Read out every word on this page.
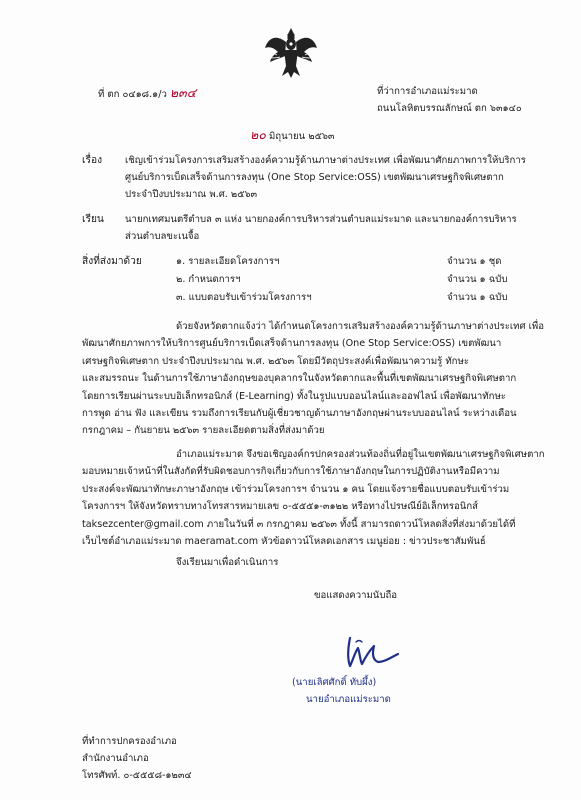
ที่ ตก ๐๔๑๘.๑/ว ๒๓๔	ที่ว่าการอำเภอแม่ระมาด
ถนนโลหิตบรรณลักษณ์ ตก ๖๓๑๔๐
๒๐ มิถุนายน ๒๕๖๓
เรื่อง เชิญเข้าร่วมโครงการเสริมสร้างองค์ความรู้ด้านภาษาต่างประเทศ เพื่อพัฒนาศักยภาพการให้บริการ
ศูนย์บริการเบ็ดเสร็จด้านการลงทุน (One Stop Service:OSS) เขตพัฒนาเศรษฐกิจพิเศษตาก
ประจำปีงบประมาณ พ.ศ. ๒๕๖๓
เรียน นายกเทศมนตรีตำบล ๓ แห่ง นายกองค์การบริหารส่วนตำบลแม่ระมาด และนายกองค์การบริหาร
ส่วนตำบลขะเนจื้อ
สิ่งที่ส่งมาด้วย	๑. รายละเอียดโครงการฯ	จำนวน ๑ ชุด
๒. กำหนดการฯ	จำนวน ๑ ฉบับ
๓. แบบตอบรับเข้าร่วมโครงการฯ	จำนวน ๑ ฉบับ
ด้วยจังหวัดตากแจ้งว่า ได้กำหนดโครงการเสริมสร้างองค์ความรู้ด้านภาษาต่างประเทศ เพื่อ
พัฒนาศักยภาพการให้บริการศูนย์บริการเบ็ดเสร็จด้านการลงทุน (One Stop Service:OSS) เขตพัฒนา
เศรษฐกิจพิเศษตาก ประจำปีงบประมาณ พ.ศ. ๒๕๖๓ โดยมีวัตถุประสงค์เพื่อพัฒนาความรู้ ทักษะ
และสมรรถนะ ในด้านการใช้ภาษาอังกฤษของบุคลากรในจังหวัดตากและพื้นที่เขตพัฒนาเศรษฐกิจพิเศษตาก
โดยการเรียนผ่านระบบอิเล็กทรอนิกส์ (E-Learning) ทั้งในรูปแบบออนไลน์และออฟไลน์ เพื่อพัฒนาทักษะ
การพูด อ่าน ฟัง และเขียน รวมถึงการเรียนกับผู้เชี่ยวชาญด้านภาษาอังกฤษผ่านระบบออนไลน์ ระหว่างเดือน
กรกฎาคม – กันยายน ๒๕๖๓ รายละเอียดตามสิ่งที่ส่งมาด้วย
อำเภอแม่ระมาด จึงขอเชิญองค์กรปกครองส่วนท้องถิ่นที่อยู่ในเขตพัฒนาเศรษฐกิจพิเศษตาก
มอบหมายเจ้าหน้าที่ในสังกัดที่รับผิดชอบการกิจเกี่ยวกับการใช้ภาษาอังกฤษในการปฏิบัติงานหรือมีความ
ประสงค์จะพัฒนาทักษะภาษาอังกฤษ เข้าร่วมโครงการฯ จำนวน ๑ คน โดยแจ้งรายชื่อแบบตอบรับเข้าร่วม
โครงการฯ ให้จังหวัดทราบทางโทรสารหมายเลข ๐-๕๕๕๑-๓๑๒๒ หรือทางไปรษณีย์อิเล็กทรอนิกส์
taksezcenter@gmail.com ภายในวันที่ ๓ กรกฎาคม ๒๕๖๓ ทั้งนี้ สามารถดาวน์โหลดสิ่งที่ส่งมาด้วยได้ที่
เว็บไซต์อำเภอแม่ระมาด maeramat.com หัวข้อดาวน์โหลดเอกสาร เมนูย่อย : ข่าวประชาสัมพันธ์
จึงเรียนมาเพื่อดำเนินการ
ขอแสดงความนับถือ
(นายเลิศศักดิ์ ทับผึ้ง)
นายอำเภอแม่ระมาด
ที่ทำการปกครองอำเภอ
สำนักงานอำเภอ
โทรศัพท์. ๐-๕๕๕๘-๑๒๓๔
